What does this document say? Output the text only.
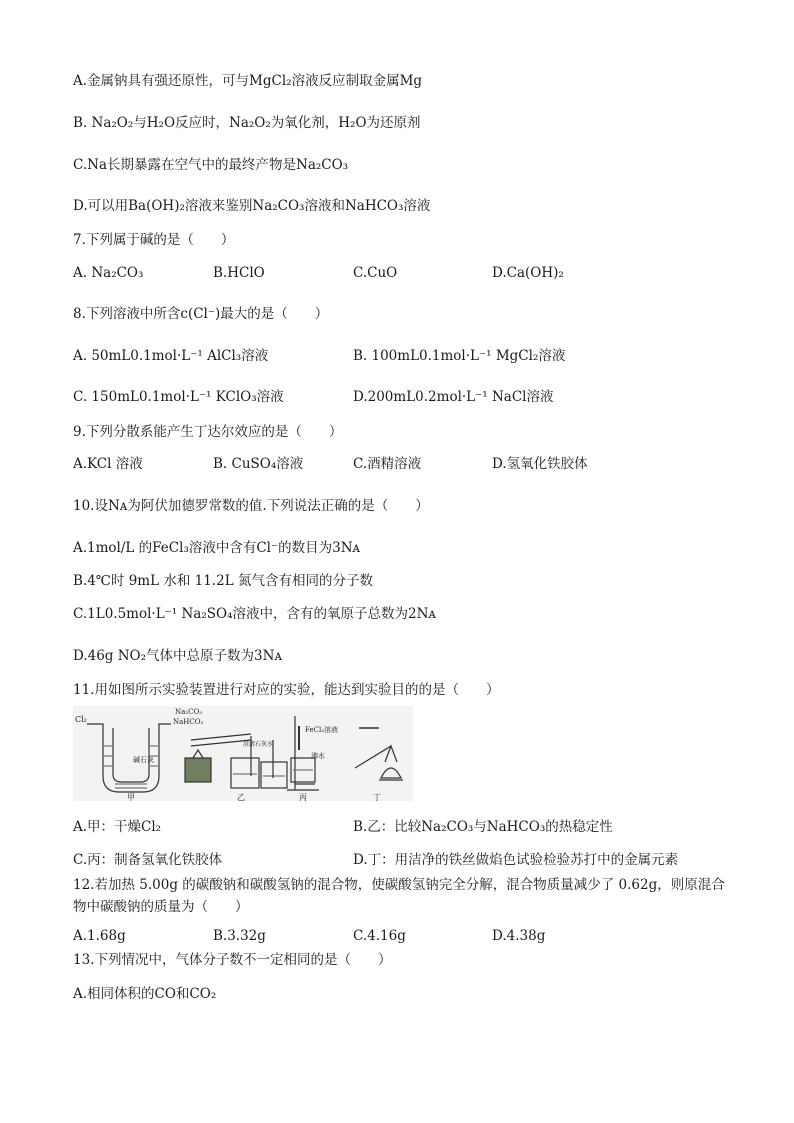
A.金属钠具有强还原性，可与MgCl₂溶液反应制取金属Mg
B. Na₂O₂与H₂O反应时，Na₂O₂为氧化剂，H₂O为还原剂
C.Na长期暴露在空气中的最终产物是Na₂CO₃
D.可以用Ba(OH)₂溶液来鉴别Na₂CO₃溶液和NaHCO₃溶液
7.下列属于碱的是（　　）
A. Na₂CO₃	B.HClO	C.CuO	D.Ca(OH)₂
8.下列溶液中所含c(Cl⁻)最大的是（　　）
A. 50mL0.1mol·L⁻¹ AlCl₃溶液	B. 100mL0.1mol·L⁻¹ MgCl₂溶液
C. 150mL0.1mol·L⁻¹ KClO₃溶液	D.200mL0.2mol·L⁻¹ NaCl溶液
9.下列分散系能产生丁达尔效应的是（　　）
A.KCl 溶液	B. CuSO₄溶液	C.酒精溶液	D.氢氧化铁胶体
10.设Nᴀ为阿伏加德罗常数的值.下列说法正确的是（　　）
A.1mol/L 的FeCl₃溶液中含有Cl⁻的数目为3Nᴀ
B.4℃时 9mL 水和 11.2L 氮气含有相同的分子数
C.1L0.5mol·L⁻¹ Na₂SO₄溶液中，含有的氧原子总数为2Nᴀ
D.46g NO₂气体中总原子数为3Nᴀ
11.用如图所示实验装置进行对应的实验，能达到实验目的的是（　　）
Cl₂
碱石灰
甲
Na₂CO₃
NaHCO₃
澄清石灰水
乙
FeCl₃溶液
沸水
丙	丁
A.甲：干燥Cl₂	B.乙：比较Na₂CO₃与NaHCO₃的热稳定性
C.丙：制备氢氧化铁胶体	D.丁：用洁净的铁丝做焰色试验检验苏打中的金属元素
12.若加热 5.00g 的碳酸钠和碳酸氢钠的混合物，使碳酸氢钠完全分解，混合物质量减少了 0.62g，则原混合物中碳酸钠的质量为（　　）
A.1.68g	B.3.32g	C.4.16g	D.4.38g
13.下列情况中，气体分子数不一定相同的是（　　）
A.相同体积的CO和CO₂
